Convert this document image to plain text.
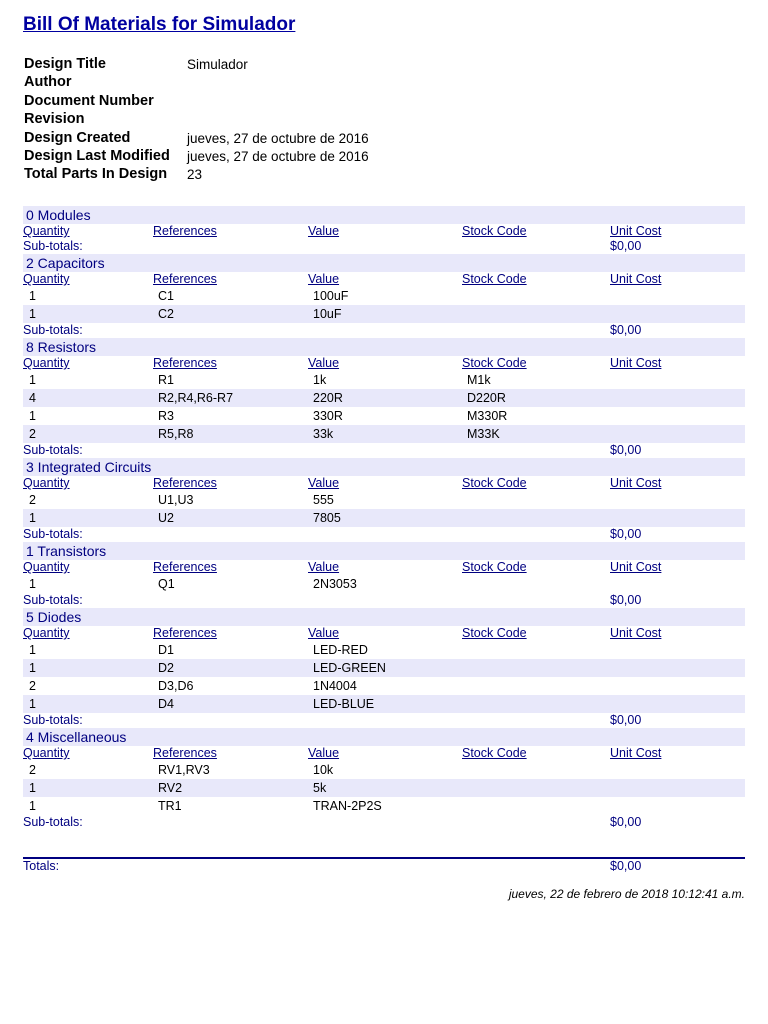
Bill Of Materials for Simulador
Design Title	Simulador
Author
Document Number
Revision
Design Created	jueves, 27 de octubre de 2016
Design Last Modified jueves, 27 de octubre de 2016
Total Parts In Design 23
0 Modules
Quantity	References	Value	Stock Code	Unit Cost
Sub-totals:	$0,00
2 Capacitors
Quantity	References	Value	Stock Code	Unit Cost
1	C1	100uF
1	C2	10uF
Sub-totals:	$0,00
8 Resistors
Quantity	References	Value	Stock Code	Unit Cost
1	R1	1k	M1k
4	R2,R4,R6-R7	220R	D220R
1	R3	330R	M330R
2	R5,R8	33k	M33K
Sub-totals:	$0,00
3 Integrated Circuits
Quantity	References	Value	Stock Code	Unit Cost
2	U1,U3	555
1	U2	7805
Sub-totals:	$0,00
1 Transistors
Quantity	References	Value	Stock Code	Unit Cost
1	Q1	2N3053
Sub-totals:	$0,00
5 Diodes
Quantity	References	Value	Stock Code	Unit Cost
1	D1	LED-RED
1	D2	LED-GREEN
2	D3,D6	1N4004
1	D4	LED-BLUE
Sub-totals:	$0,00
4 Miscellaneous
Quantity	References	Value	Stock Code	Unit Cost
2	RV1,RV3	10k
1	RV2	5k
1	TR1	TRAN-2P2S
Sub-totals:	$0,00
Totals:	$0,00
jueves, 22 de febrero de 2018 10:12:41 a.m.
